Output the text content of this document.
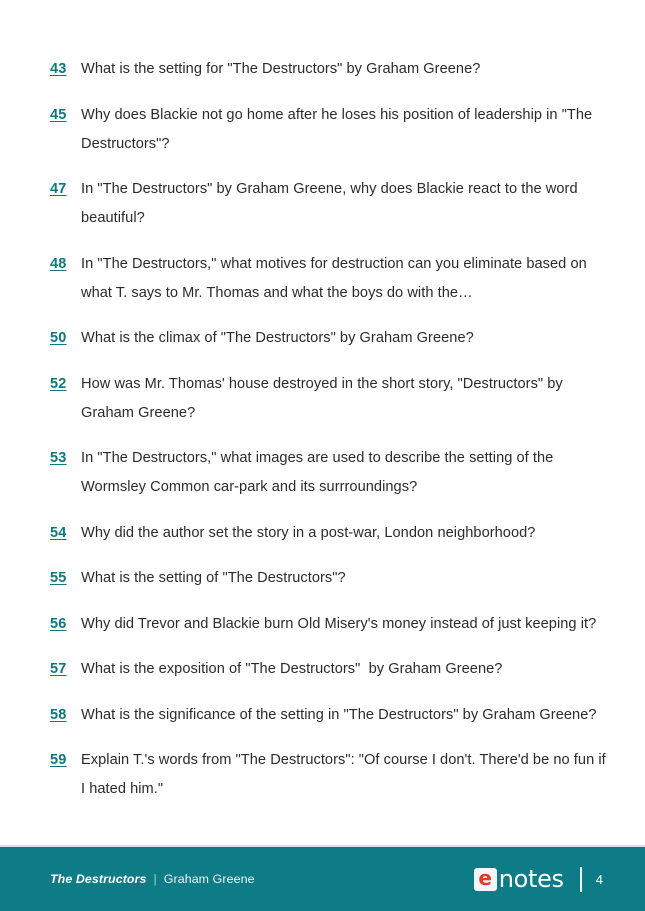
43 What is the setting for "The Destructors" by Graham Greene?
45 Why does Blackie not go home after he loses his position of leadership in "The Destructors"?
47 In "The Destructors" by Graham Greene, why does Blackie react to the word beautiful?
48 In "The Destructors," what motives for destruction can you eliminate based on what T. says to Mr. Thomas and what the boys do with the…
50 What is the climax of "The Destructors" by Graham Greene?
52 How was Mr. Thomas' house destroyed in the short story, "Destructors" by Graham Greene?
53 In "The Destructors," what images are used to describe the setting of the Wormsley Common car-park and its surrroundings?
54 Why did the author set the story in a post-war, London neighborhood?
55 What is the setting of "The Destructors"?
56 Why did Trevor and Blackie burn Old Misery's money instead of just keeping it?
57 What is the exposition of "The Destructors"  by Graham Greene?
58 What is the significance of the setting in "The Destructors" by Graham Greene?
59 Explain T.'s words from "The Destructors": "Of course I don't. There'd be no fun if I hated him."
The Destructors | Graham Greene	e notes 4
